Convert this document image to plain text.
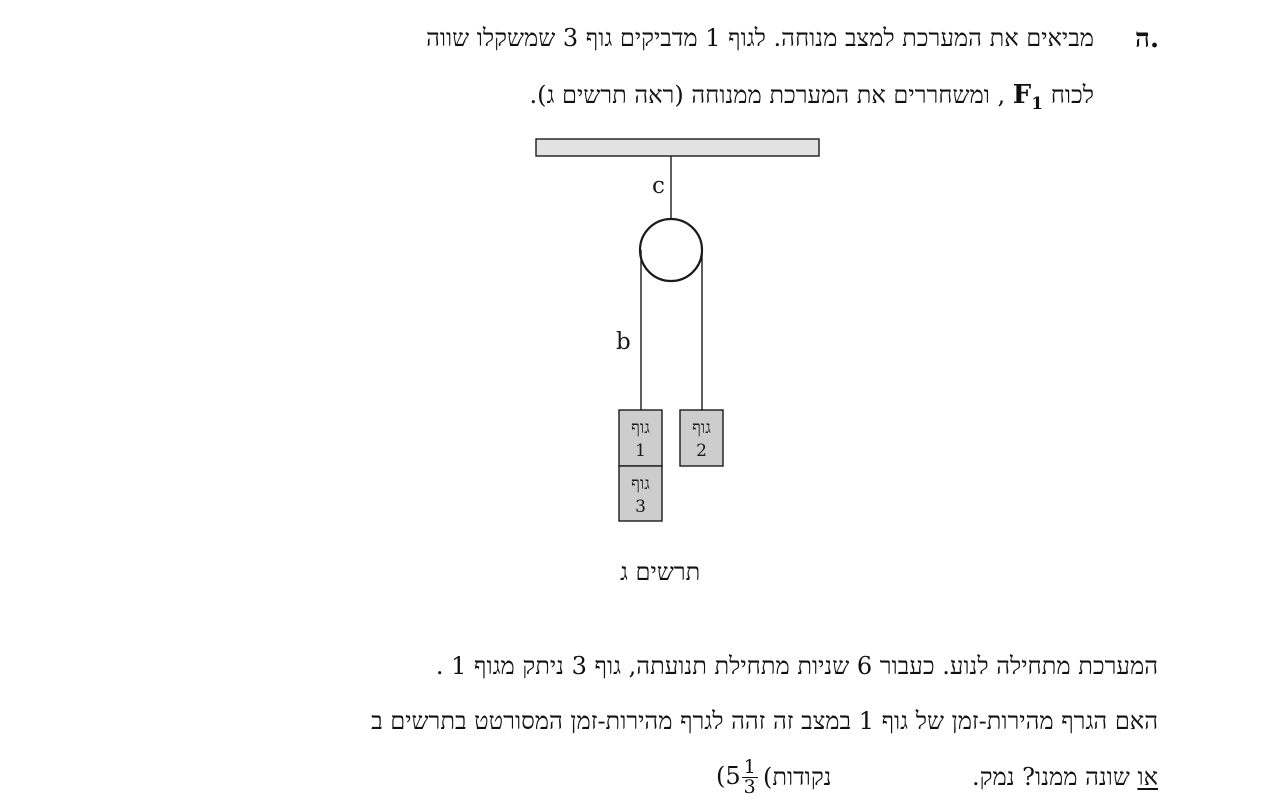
ה.
מביאים את המערכת למצב מנוחה. לגוף 1 מדביקים גוף 3 שמשקלו שווה
לכוח $F_1$ , ומשחררים את המערכת ממנוחה (ראה תרשים ג).
c
b
גוף
1
גוף
3
גוף
2
תרשים ג
המערכת מתחילה לנוע. כעבור 6 שניות מתחילת תנועתה, גוף 3 ניתק מגוף 1 .
האם הגרף מהירות-זמן של גוף 1 במצב זה זהה לגרף מהירות-זמן המסורטט בתרשים ב
או שונה ממנו? נמק.
($5 \frac{1}{3}$ נקודות)
